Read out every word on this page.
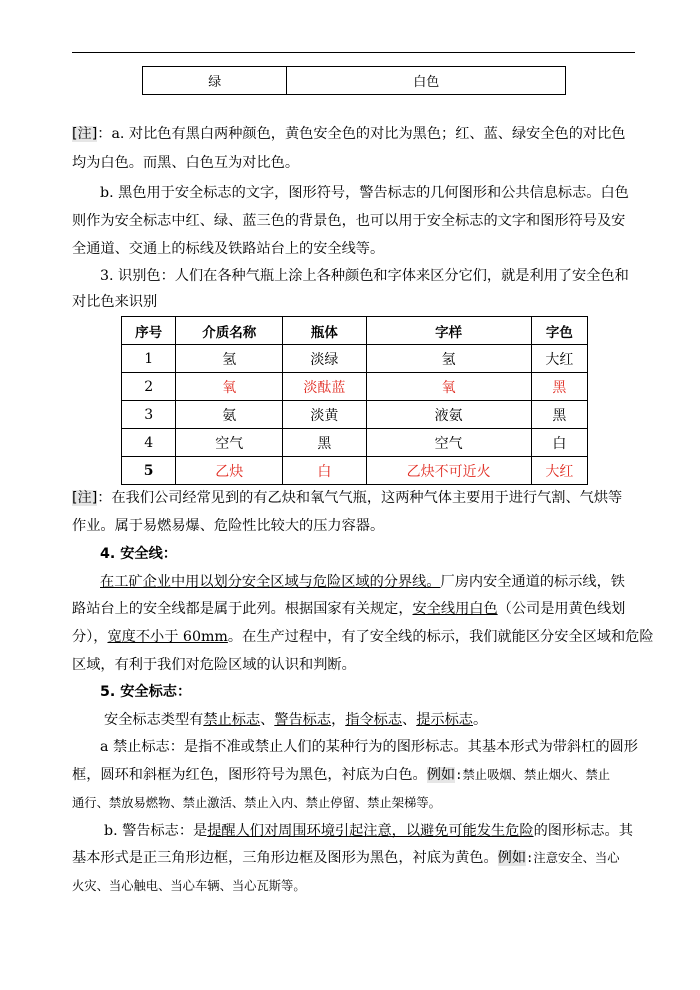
绿	白色
[注]：a. 对比色有黑白两种颜色，黄色安全色的对比为黑色；红、蓝、绿安全色的对比色
均为白色。而黑、白色互为对比色。
b. 黑色用于安全标志的文字，图形符号，警告标志的几何图形和公共信息标志。白色
则作为安全标志中红、绿、蓝三色的背景色，也可以用于安全标志的文字和图形符号及安
全通道、交通上的标线及铁路站台上的安全线等。
3. 识别色：人们在各种气瓶上涂上各种颜色和字体来区分它们，就是利用了安全色和
对比色来识别
序号	介质名称	瓶体	字样	字色
1	氢	淡绿	氢	大红
2	氧	淡酞蓝	氧	黑
3	氨	淡黄	液氨	黑
4	空气	黑	空气	白
5	乙炔	白	乙炔不可近火	大红
[注]：在我们公司经常见到的有乙炔和氧气气瓶，这两种气体主要用于进行气割、气烘等
作业。属于易燃易爆、危险性比较大的压力容器。
4. 安全线：
在工矿企业中用以划分安全区域与危险区域的分界线。厂房内安全通道的标示线，铁
路站台上的安全线都是属于此列。根据国家有关规定，安全线用白色（公司是用黄色线划
分），宽度不小于 60mm。在生产过程中，有了安全线的标示，我们就能区分安全区域和危险
区域，有利于我们对危险区域的认识和判断。
5. 安全标志：
安全标志类型有禁止标志、警告标志，指令标志、提示标志。
a 禁止标志：是指不准或禁止人们的某种行为的图形标志。其基本形式为带斜杠的圆形
框，圆环和斜框为红色，图形符号为黑色，衬底为白色。例如:禁止吸烟、禁止烟火、禁止
通行、禁放易燃物、禁止激活、禁止入内、禁止停留、禁止架梯等。
b. 警告标志：是提醒人们对周围环境引起注意，以避免可能发生危险的图形标志。其
基本形式是正三角形边框，三角形边框及图形为黑色，衬底为黄色。例如:注意安全、当心
火灾、当心触电、当心车辆、当心瓦斯等。
